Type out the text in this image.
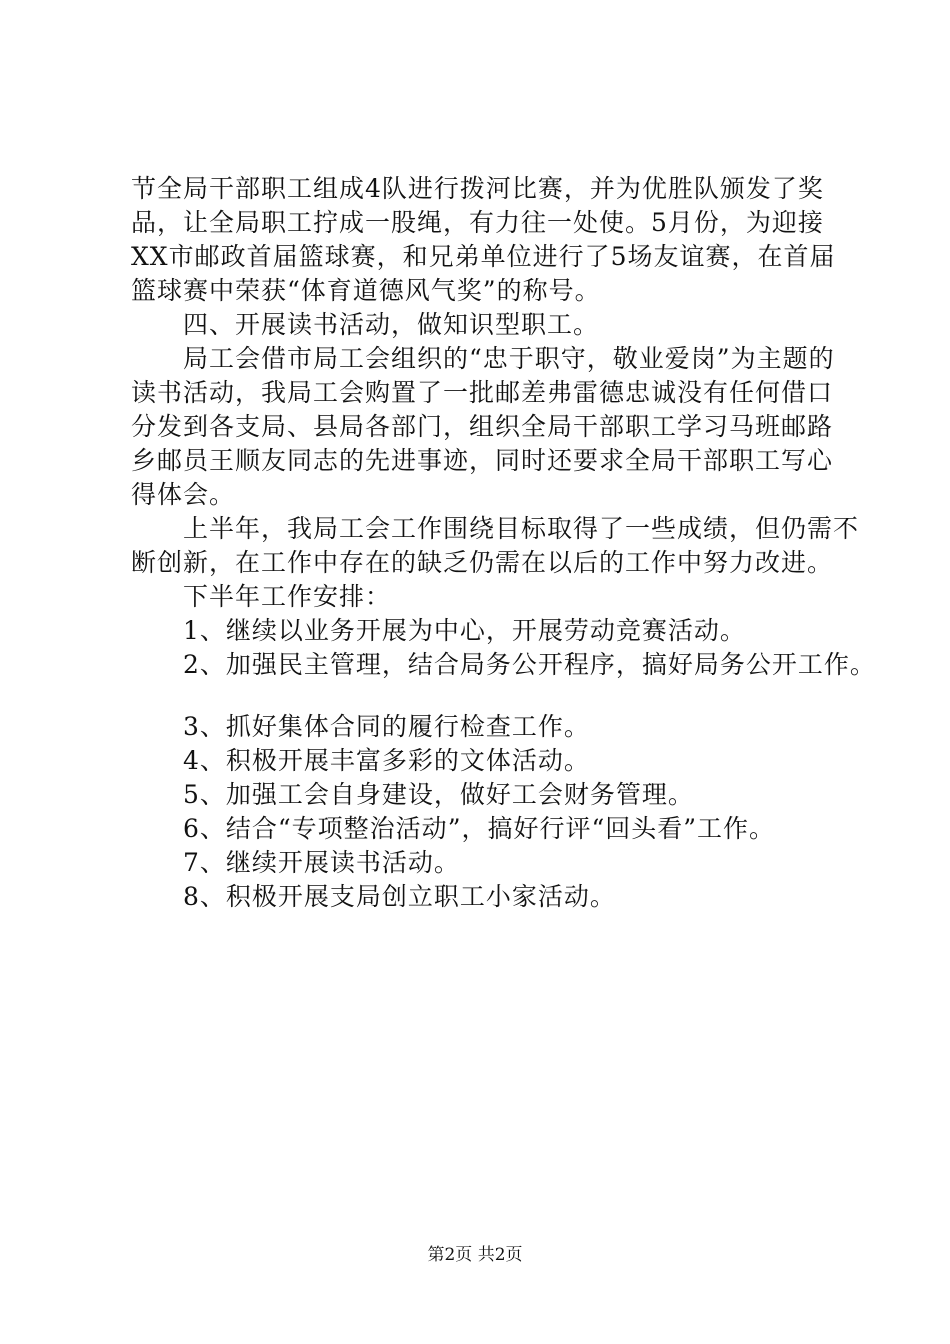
节全局干部职工组成4队进行拨河比赛，并为优胜队颁发了奖
品，让全局职工拧成一股绳，有力往一处使。5月份，为迎接
XX市邮政首届篮球赛，和兄弟单位进行了5场友谊赛，在首届
篮球赛中荣获“体育道德风气奖”的称号。
　　四、开展读书活动，做知识型职工。
　　局工会借市局工会组织的“忠于职守，敬业爱岗”为主题的
读书活动，我局工会购置了一批邮差弗雷德忠诚没有任何借口
分发到各支局、县局各部门，组织全局干部职工学习马班邮路
乡邮员王顺友同志的先进事迹，同时还要求全局干部职工写心
得体会。
　　上半年，我局工会工作围绕目标取得了一些成绩，但仍需不
断创新，在工作中存在的缺乏仍需在以后的工作中努力改进。
　　下半年工作安排：
　　1、继续以业务开展为中心，开展劳动竞赛活动。
　　2、加强民主管理，结合局务公开程序，搞好局务公开工作。
　　3、抓好集体合同的履行检查工作。
　　4、积极开展丰富多彩的文体活动。
　　5、加强工会自身建设，做好工会财务管理。
　　6、结合“专项整治活动”，搞好行评“回头看”工作。
　　7、继续开展读书活动。
　　8、积极开展支局创立职工小家活动。
第2页 共2页
